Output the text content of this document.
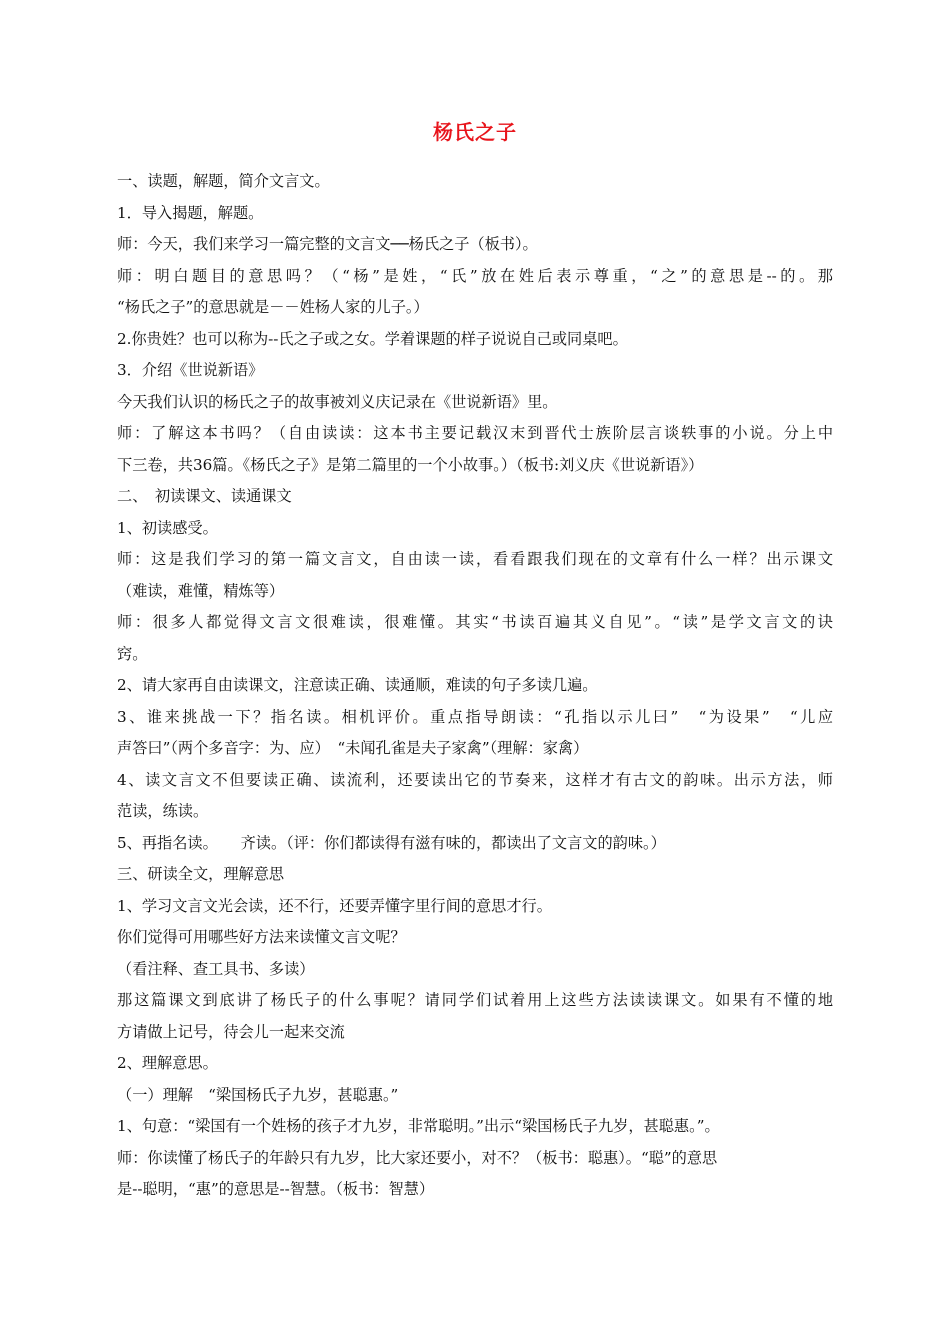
杨氏之子
一、读题，解题，简介文言文。
1．导入揭题，解题。
师：今天，我们来学习一篇完整的文言文──杨氏之子（板书）。
师：明白题目的意思吗？（“杨”是姓，“氏”放在姓后表示尊重，“之”的意思是--的。那
“杨氏之子”的意思就是－－姓杨人家的儿子。）
2.你贵姓？也可以称为--氏之子或之女。学着课题的样子说说自己或同桌吧。
3．介绍《世说新语》
今天我们认识的杨氏之子的故事被刘义庆记录在《世说新语》里。
师：了解这本书吗？（自由读读：这本书主要记载汉末到晋代士族阶层言谈轶事的小说。分上中
下三卷，共36篇。《杨氏之子》是第二篇里的一个小故事。）（板书:刘义庆《世说新语》）
二、　初读课文、读通课文
1、初读感受。
师：这是我们学习的第一篇文言文，自由读一读，看看跟我们现在的文章有什么一样？出示课文
（难读，难懂，精炼等）
师：很多人都觉得文言文很难读，很难懂。其实“书读百遍其义自见”。“读”是学文言文的诀
窍。
2、请大家再自由读课文，注意读正确、读通顺，难读的句子多读几遍。
3、谁来挑战一下？指名读。相机评价。重点指导朗读：“孔指以示儿曰”　“为设果”　“儿应
声答曰”（两个多音字：为、应）　“未闻孔雀是夫子家禽”（理解：家禽）
4、读文言文不但要读正确、读流利，还要读出它的节奏来，这样才有古文的韵味。出示方法，师
范读，练读。
5、再指名读。　　齐读。（评：你们都读得有滋有味的，都读出了文言文的韵味。）
三、研读全文，理解意思
1、学习文言文光会读，还不行，还要弄懂字里行间的意思才行。
你们觉得可用哪些好方法来读懂文言文呢？
（看注释、查工具书、多读）
那这篇课文到底讲了杨氏子的什么事呢？请同学们试着用上这些方法读读课文。如果有不懂的地
方请做上记号，待会儿一起来交流
2、理解意思。
（一）理解　“梁国杨氏子九岁，甚聪惠。”
1、句意：“梁国有一个姓杨的孩子才九岁，非常聪明。”出示“梁国杨氏子九岁，甚聪惠。”。
师：你读懂了杨氏子的年龄只有九岁，比大家还要小，对不？（板书：聪惠）。“聪”的意思
是--聪明，“惠”的意思是--智慧。（板书：智慧）
